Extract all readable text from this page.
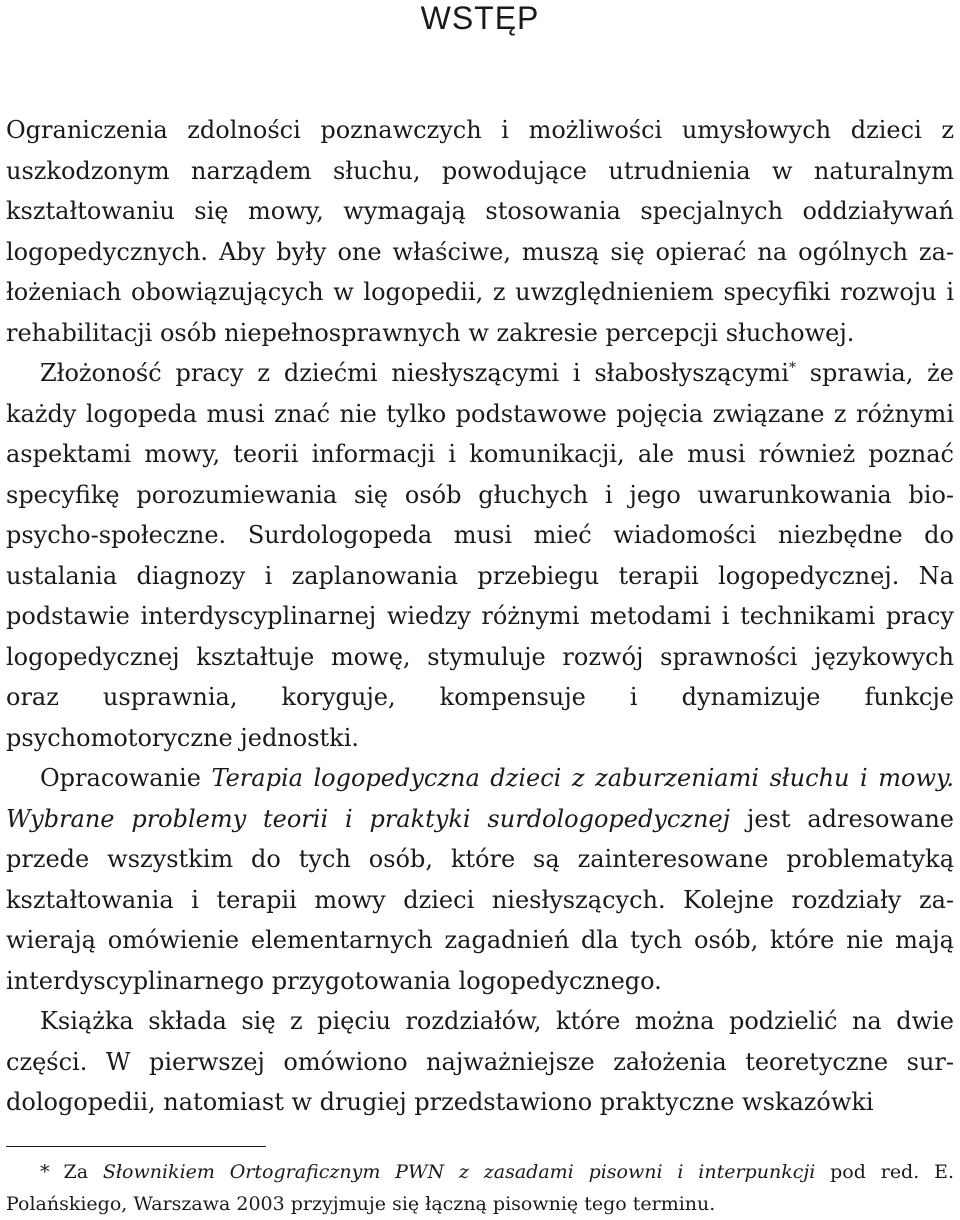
WSTĘP

Ograniczenia zdolności poznawczych i możliwości umysłowych dzieci z uszkodzonym narządem słuchu, powodujące utrudnienia w naturalnym kształtowaniu się mowy, wymagają stosowania specjalnych oddziaływań logopedycznych. Aby były one właściwe, muszą się opierać na ogólnych założeniach obowiązujących w logopedii, z uwzględnieniem specyfiki rozwoju i rehabilitacji osób niepełnosprawnych w zakresie percepcji słuchowej.

Złożoność pracy z dziećmi niesłyszącymi i słabosłyszącymi* sprawia, że każdy logopeda musi znać nie tylko podstawowe pojęcia związane z różnymi aspektami mowy, teorii informacji i komunikacji, ale musi również poznać specyfikę porozumiewania się osób głuchych i jego uwarunkowania bio-psycho-społeczne. Surdologopeda musi mieć wiadomości niezbędne do ustalania diagnozy i zaplanowania przebiegu terapii logopedycznej. Na podstawie interdyscyplinarnej wiedzy różnymi metodami i technikami pracy logopedycznej kształtuje mowę, stymuluje rozwój sprawności językowych oraz usprawnia, koryguje, kompensuje i dynamizuje funkcje psychomotoryczne jednostki.

Opracowanie Terapia logopedyczna dzieci z zaburzeniami słuchu i mowy. Wybrane problemy teorii i praktyki surdologopedycznej jest adresowane przede wszystkim do tych osób, które są zainteresowane problematyką kształtowania i terapii mowy dzieci niesłyszących. Kolejne rozdziały zawierają omówienie elementarnych zagadnień dla tych osób, które nie mają interdyscyplinarnego przygotowania logopedycznego.

Książka składa się z pięciu rozdziałów, które można podzielić na dwie części. W pierwszej omówiono najważniejsze założenia teoretyczne surdologopedii, natomiast w drugiej przedstawiono praktyczne wskazówki

* Za Słownikiem Ortograficznym PWN z zasadami pisowni i interpunkcji pod red. E. Polańskiego, Warszawa 2003 przyjmuje się łączną pisownię tego terminu.
